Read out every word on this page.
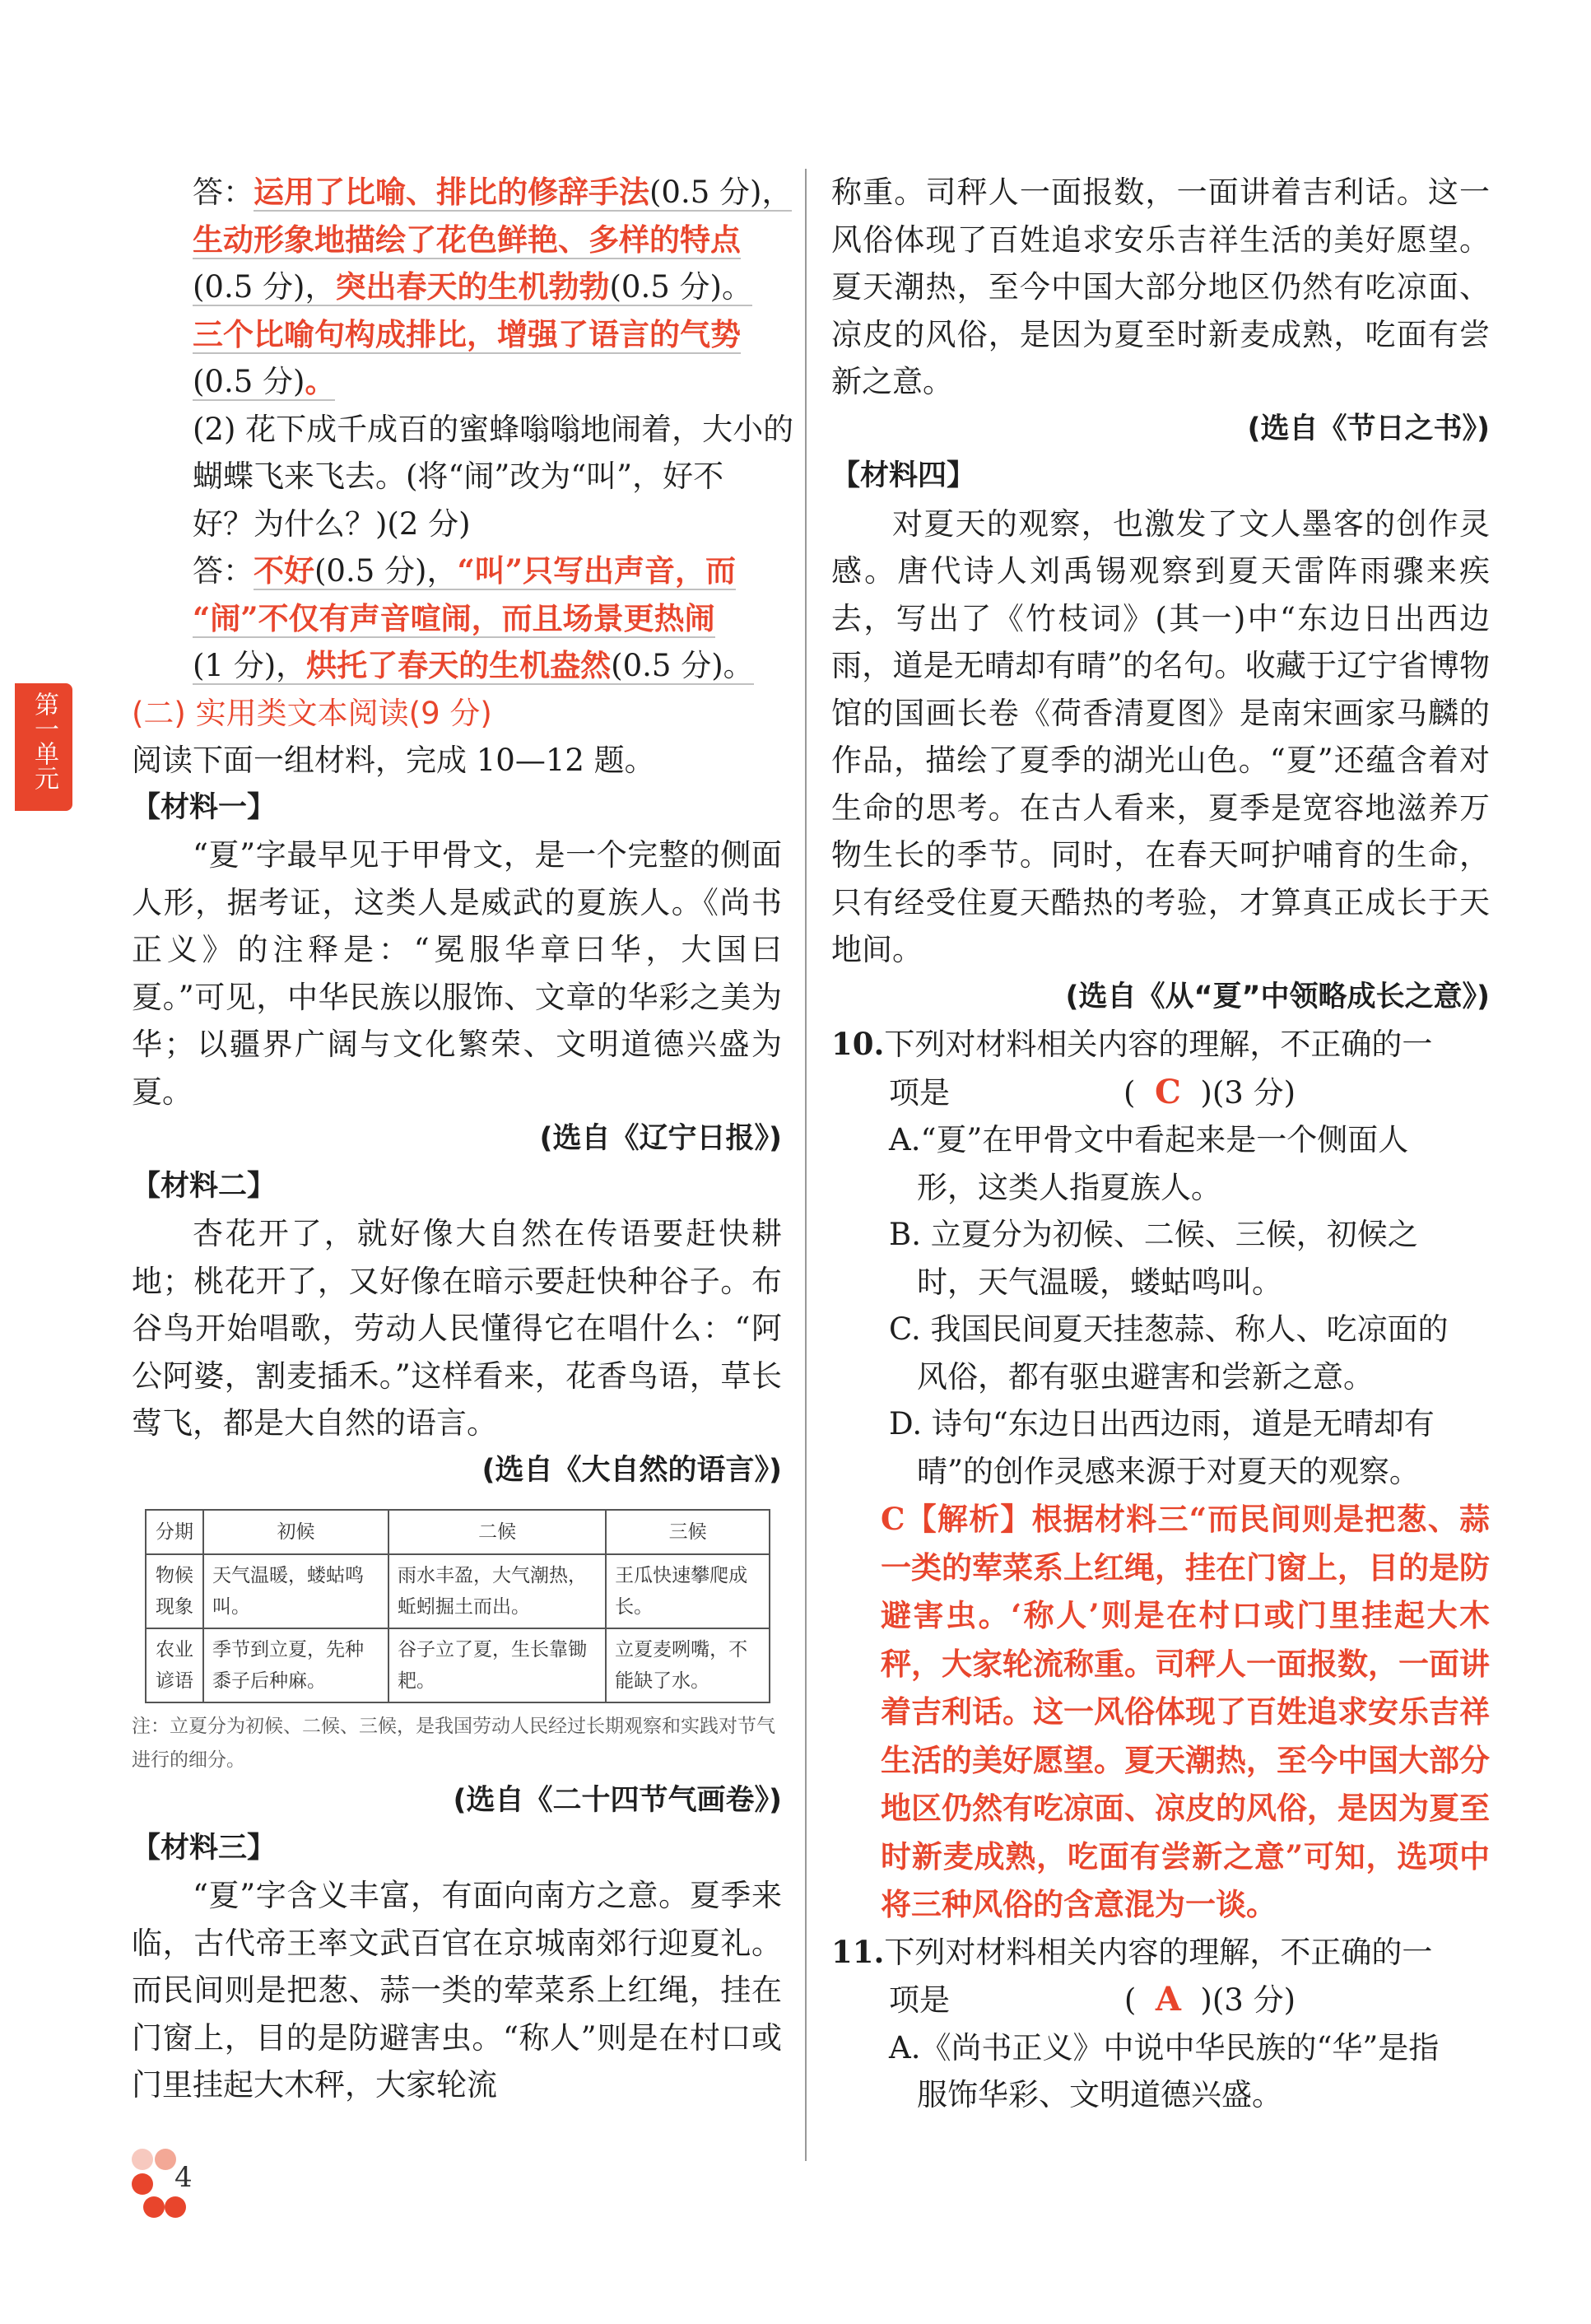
第一单元
答：运用了比喻、排比的修辞手法(0.5 分)，
生动形象地描绘了花色鲜艳、多样的特点
(0.5 分)，突出春天的生机勃勃(0.5 分)。
三个比喻句构成排比，增强了语言的气势
(0.5 分)。
(2) 花下成千成百的蜜蜂嗡嗡地闹着，大小的
蝴蝶飞来飞去。(将“闹”改为“叫”，好不
好？为什么？)(2 分)
答：不好(0.5 分)，“叫”只写出声音，而
“闹”不仅有声音喧闹，而且场景更热闹
(1 分)，烘托了春天的生机盎然(0.5 分)。
(二) 实用类文本阅读(9 分)
阅读下面一组材料，完成 10—12 题。
【材料一】
“夏”字最早见于甲骨文，是一个完整的侧面人形，据考证，这类人是威武的夏族人。《尚书正义》的注释是：“冕服华章曰华，大国曰夏。”可见，中华民族以服饰、文章的华彩之美为华；以疆界广阔与文化繁荣、文明道德兴盛为夏。
(选自《辽宁日报》)
【材料二】
杏花开了，就好像大自然在传语要赶快耕地；桃花开了，又好像在暗示要赶快种谷子。布谷鸟开始唱歌，劳动人民懂得它在唱什么：“阿公阿婆，割麦插禾。”这样看来，花香鸟语，草长莺飞，都是大自然的语言。
(选自《大自然的语言》)
分期	初候	二候	三候
物候现象	天气温暖，蝼蛄鸣叫。	雨水丰盈，大气潮热，蚯蚓掘土而出。	王瓜快速攀爬成长。
农业谚语	季节到立夏，先种黍子后种麻。	谷子立了夏，生长靠锄耙。	立夏麦咧嘴，不能缺了水。
注：立夏分为初候、二候、三候，是我国劳动人民经过长期观察和实践对节气进行的细分。
(选自《二十四节气画卷》)
【材料三】
“夏”字含义丰富，有面向南方之意。夏季来临，古代帝王率文武百官在京城南郊行迎夏礼。而民间则是把葱、蒜一类的荤菜系上红绳，挂在门窗上，目的是防避害虫。“称人”则是在村口或门里挂起大木秤，大家轮流
称重。司秤人一面报数，一面讲着吉利话。这一风俗体现了百姓追求安乐吉祥生活的美好愿望。夏天潮热，至今中国大部分地区仍然有吃凉面、凉皮的风俗，是因为夏至时新麦成熟，吃面有尝新之意。
(选自《节日之书》)
【材料四】
对夏天的观察，也激发了文人墨客的创作灵感。唐代诗人刘禹锡观察到夏天雷阵雨骤来疾去，写出了《竹枝词》(其一)中“东边日出西边雨，道是无晴却有晴”的名句。收藏于辽宁省博物馆的国画长卷《荷香清夏图》是南宋画家马麟的作品，描绘了夏季的湖光山色。“夏”还蕴含着对生命的思考。在古人看来，夏季是宽容地滋养万物生长的季节。同时，在春天呵护哺育的生命，只有经受住夏天酷热的考验，才算真正成长于天地间。
(选自《从“夏”中领略成长之意》)
10.下列对材料相关内容的理解，不正确的一
项是	(  C  )(3 分)
A.“夏”在甲骨文中看起来是一个侧面人
形，这类人指夏族人。
B. 立夏分为初候、二候、三候，初候之
时，天气温暖，蝼蛄鸣叫。
C. 我国民间夏天挂葱蒜、称人、吃凉面的
风俗，都有驱虫避害和尝新之意。
D. 诗句“东边日出西边雨，道是无晴却有
晴”的创作灵感来源于对夏天的观察。
C【解析】根据材料三“而民间则是把葱、蒜一类的荤菜系上红绳，挂在门窗上，目的是防避害虫。‘称人’则是在村口或门里挂起大木秤，大家轮流称重。司秤人一面报数，一面讲着吉利话。这一风俗体现了百姓追求安乐吉祥生活的美好愿望。夏天潮热，至今中国大部分地区仍然有吃凉面、凉皮的风俗，是因为夏至时新麦成熟，吃面有尝新之意”可知，选项中将三种风俗的含意混为一谈。
11.下列对材料相关内容的理解，不正确的一
项是	(  A  )(3 分)
A.《尚书正义》中说中华民族的“华”是指
服饰华彩、文明道德兴盛。
4
